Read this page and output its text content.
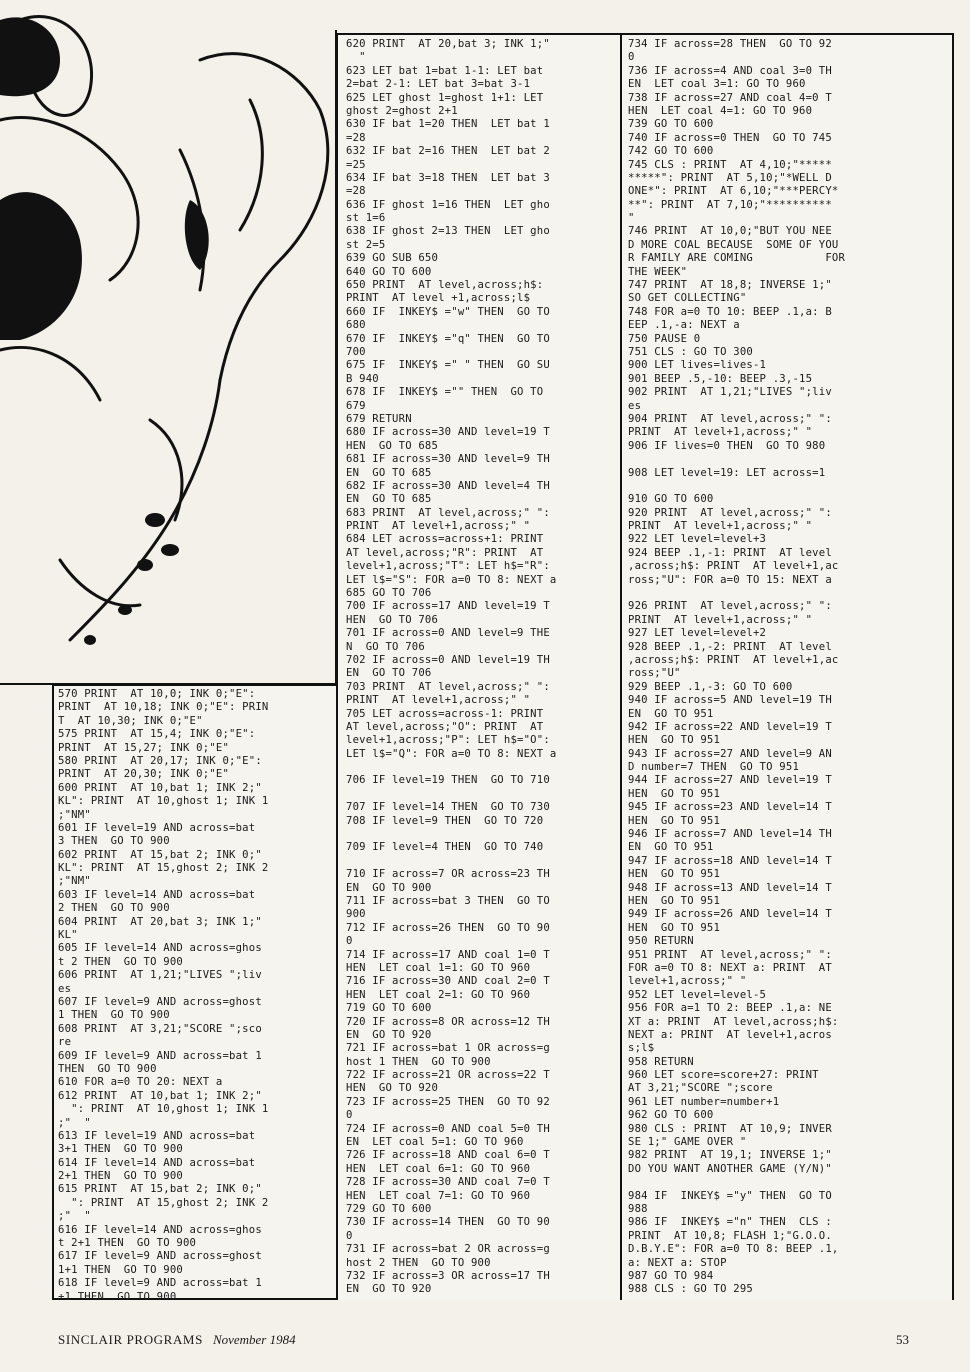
570 PRINT  AT 10,0; INK 0;"E":
PRINT  AT 10,18; INK 0;"E": PRIN
T  AT 10,30; INK 0;"E"
575 PRINT  AT 15,4; INK 0;"E":
PRINT  AT 15,27; INK 0;"E"
580 PRINT  AT 20,17; INK 0;"E":
PRINT  AT 20,30; INK 0;"E"
600 PRINT  AT 10,bat 1; INK 2;"
KL": PRINT  AT 10,ghost 1; INK 1
;"NM"
601 IF level=19 AND across=bat
3 THEN  GO TO 900
602 PRINT  AT 15,bat 2; INK 0;"
KL": PRINT  AT 15,ghost 2; INK 2
;"NM"
603 IF level=14 AND across=bat
2 THEN  GO TO 900
604 PRINT  AT 20,bat 3; INK 1;"
KL"
605 IF level=14 AND across=ghos
t 2 THEN  GO TO 900
606 PRINT  AT 1,21;"LIVES ";liv
es
607 IF level=9 AND across=ghost
1 THEN  GO TO 900
608 PRINT  AT 3,21;"SCORE ";sco
re
609 IF level=9 AND across=bat 1
THEN  GO TO 900
610 FOR a=0 TO 20: NEXT a
612 PRINT  AT 10,bat 1; INK 2;"
": PRINT  AT 10,ghost 1; INK 1
;"  "
613 IF level=19 AND across=bat
3+1 THEN  GO TO 900
614 IF level=14 AND across=bat
2+1 THEN  GO TO 900
615 PRINT  AT 15,bat 2; INK 0;"
": PRINT  AT 15,ghost 2; INK 2
;"  "
616 IF level=14 AND across=ghos
t 2+1 THEN  GO TO 900
617 IF level=9 AND across=ghost
1+1 THEN  GO TO 900
618 IF level=9 AND across=bat 1
+1 THEN  GO TO 900
620 PRINT  AT 20,bat 3; INK 1;"
"
623 LET bat 1=bat 1-1: LET bat
2=bat 2-1: LET bat 3=bat 3-1
625 LET ghost 1=ghost 1+1: LET
ghost 2=ghost 2+1
630 IF bat 1=20 THEN  LET bat 1
=28
632 IF bat 2=16 THEN  LET bat 2
=25
634 IF bat 3=18 THEN  LET bat 3
=28
636 IF ghost 1=16 THEN  LET gho
st 1=6
638 IF ghost 2=13 THEN  LET gho
st 2=5
639 GO SUB 650
640 GO TO 600
650 PRINT  AT level,across;h$:
PRINT  AT level +1,across;l$
660 IF  INKEY$ ="w" THEN  GO TO
680
670 IF  INKEY$ ="q" THEN  GO TO
700
675 IF  INKEY$ =" " THEN  GO SU
B 940
678 IF  INKEY$ ="" THEN  GO TO
679
679 RETURN
680 IF across=30 AND level=19 T
HEN  GO TO 685
681 IF across=30 AND level=9 TH
EN  GO TO 685
682 IF across=30 AND level=4 TH
EN  GO TO 685
683 PRINT  AT level,across;" ":
PRINT  AT level+1,across;" "
684 LET across=across+1: PRINT
AT level,across;"R": PRINT  AT
level+1,across;"T": LET h$="R":
LET l$="S": FOR a=0 TO 8: NEXT a
685 GO TO 706
700 IF across=17 AND level=19 T
HEN  GO TO 706
701 IF across=0 AND level=9 THE
N  GO TO 706
702 IF across=0 AND level=19 TH
EN  GO TO 706
703 PRINT  AT level,across;" ":
PRINT  AT level+1,across;" "
705 LET across=across-1: PRINT
AT level,across;"O": PRINT  AT
level+1,across;"P": LET h$="O":
LET l$="Q": FOR a=0 TO 8: NEXT a
706 IF level=19 THEN  GO TO 710
707 IF level=14 THEN  GO TO 730
708 IF level=9 THEN  GO TO 720
709 IF level=4 THEN  GO TO 740
710 IF across=7 OR across=23 TH
EN  GO TO 900
711 IF across=bat 3 THEN  GO TO
900
712 IF across=26 THEN  GO TO 90
0
714 IF across=17 AND coal 1=0 T
HEN  LET coal 1=1: GO TO 960
716 IF across=30 AND coal 2=0 T
HEN  LET coal 2=1: GO TO 960
719 GO TO 600
720 IF across=8 OR across=12 TH
EN  GO TO 920
721 IF across=bat 1 OR across=g
host 1 THEN  GO TO 900
722 IF across=21 OR across=22 T
HEN  GO TO 920
723 IF across=25 THEN  GO TO 92
0
724 IF across=0 AND coal 5=0 TH
EN  LET coal 5=1: GO TO 960
726 IF across=18 AND coal 6=0 T
HEN  LET coal 6=1: GO TO 960
728 IF across=30 AND coal 7=0 T
HEN  LET coal 7=1: GO TO 960
729 GO TO 600
730 IF across=14 THEN  GO TO 90
0
731 IF across=bat 2 OR across=g
host 2 THEN  GO TO 900
732 IF across=3 OR across=17 TH
EN  GO TO 920
734 IF across=28 THEN  GO TO 92
0
736 IF across=4 AND coal 3=0 TH
EN  LET coal 3=1: GO TO 960
738 IF across=27 AND coal 4=0 T
HEN  LET coal 4=1: GO TO 960
739 GO TO 600
740 IF across=0 THEN  GO TO 745
742 GO TO 600
745 CLS : PRINT  AT 4,10;"*****
*****": PRINT  AT 5,10;"*WELL D
ONE*": PRINT  AT 6,10;"***PERCY*
**": PRINT  AT 7,10;"**********
"
746 PRINT  AT 10,0;"BUT YOU NEE
D MORE COAL BECAUSE  SOME OF YOU
R FAMILY ARE COMING           FOR
THE WEEK"
747 PRINT  AT 18,8; INVERSE 1;"
SO GET COLLECTING"
748 FOR a=0 TO 10: BEEP .1,a: B
EEP .1,-a: NEXT a
750 PAUSE 0
751 CLS : GO TO 300
900 LET lives=lives-1
901 BEEP .5,-10: BEEP .3,-15
902 PRINT  AT 1,21;"LIVES ";liv
es
904 PRINT  AT level,across;" ":
PRINT  AT level+1,across;" "
906 IF lives=0 THEN  GO TO 980
908 LET level=19: LET across=1
910 GO TO 600
920 PRINT  AT level,across;" ":
PRINT  AT level+1,across;" "
922 LET level=level+3
924 BEEP .1,-1: PRINT  AT level
,across;h$: PRINT  AT level+1,ac
ross;"U": FOR a=0 TO 15: NEXT a
926 PRINT  AT level,across;" ":
PRINT  AT level+1,across;" "
927 LET level=level+2
928 BEEP .1,-2: PRINT  AT level
,across;h$: PRINT  AT level+1,ac
ross;"U"
929 BEEP .1,-3: GO TO 600
940 IF across=5 AND level=19 TH
EN  GO TO 951
942 IF across=22 AND level=19 T
HEN  GO TO 951
943 IF across=27 AND level=9 AN
D number=7 THEN  GO TO 951
944 IF across=27 AND level=19 T
HEN  GO TO 951
945 IF across=23 AND level=14 T
HEN  GO TO 951
946 IF across=7 AND level=14 TH
EN  GO TO 951
947 IF across=18 AND level=14 T
HEN  GO TO 951
948 IF across=13 AND level=14 T
HEN  GO TO 951
949 IF across=26 AND level=14 T
HEN  GO TO 951
950 RETURN
951 PRINT  AT level,across;" ":
FOR a=0 TO 8: NEXT a: PRINT  AT
level+1,across;" "
952 LET level=level-5
956 FOR a=1 TO 2: BEEP .1,a: NE
XT a: PRINT  AT level,across;h$:
NEXT a: PRINT  AT level+1,acros
s;l$
958 RETURN
960 LET score=score+27: PRINT
AT 3,21;"SCORE ";score
961 LET number=number+1
962 GO TO 600
980 CLS : PRINT  AT 10,9; INVER
SE 1;" GAME OVER "
982 PRINT  AT 19,1; INVERSE 1;"
DO YOU WANT ANOTHER GAME (Y/N)"
984 IF  INKEY$ ="y" THEN  GO TO
988
986 IF  INKEY$ ="n" THEN  CLS :
PRINT  AT 10,8; FLASH 1;"G.O.O.
D.B.Y.E": FOR a=0 TO 8: BEEP .1,
a: NEXT a: STOP
987 GO TO 984
988 CLS : GO TO 295
SINCLAIR PROGRAMS November 1984	53
